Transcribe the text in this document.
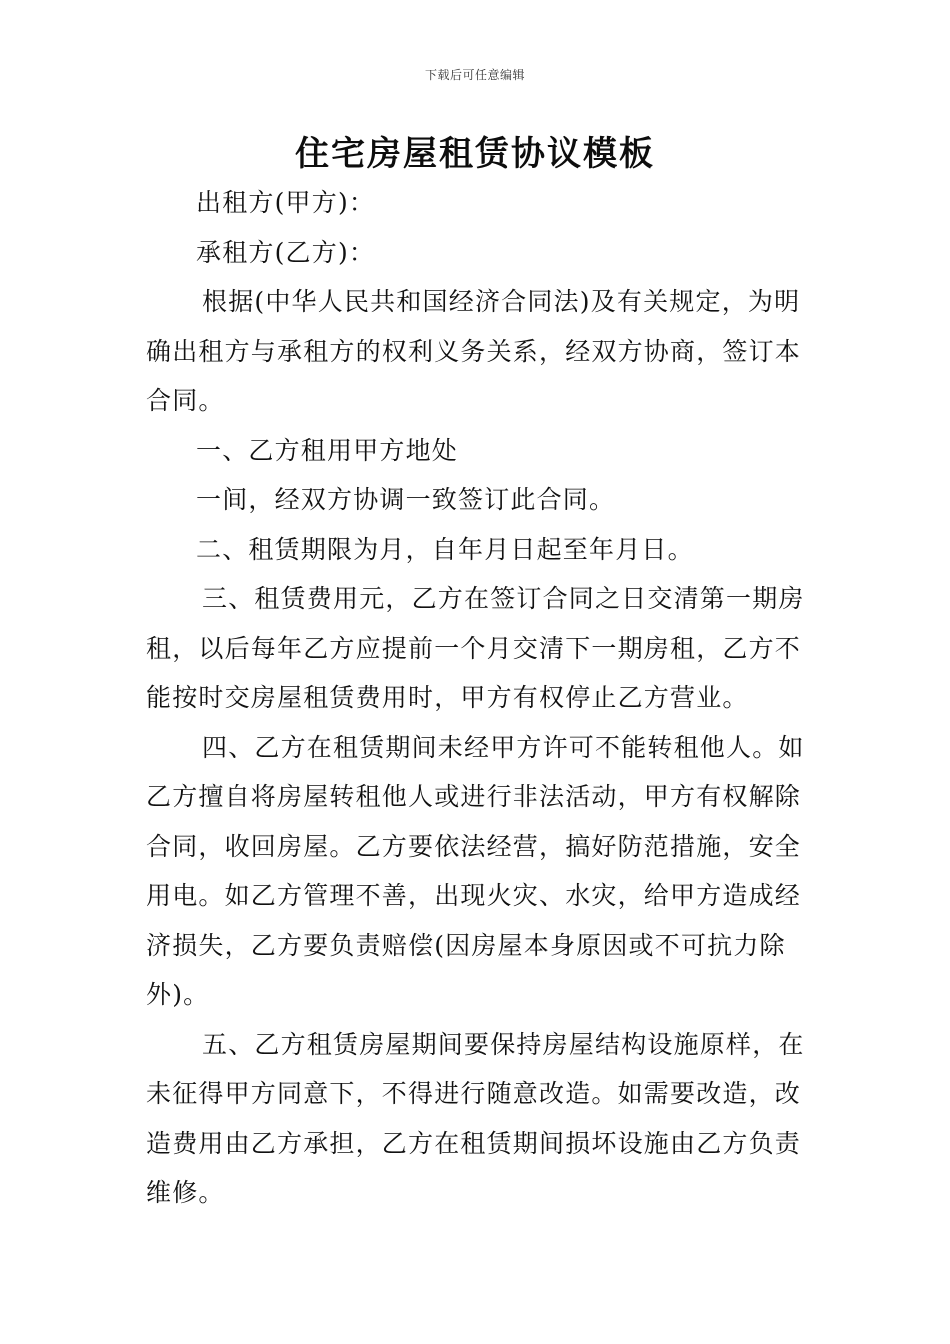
下载后可任意编辑
住宅房屋租赁协议模板

出租方(甲方)：

承租方(乙方)：

根据(中华人民共和国经济合同法)及有关规定，为明确出租方与承租方的权利义务关系，经双方协商，签订本合同。

一、乙方租用甲方地处

一间，经双方协调一致签订此合同。

二、租赁期限为月，自年月日起至年月日。

三、租赁费用元，乙方在签订合同之日交清第一期房租，以后每年乙方应提前一个月交清下一期房租，乙方不能按时交房屋租赁费用时，甲方有权停止乙方营业。

四、乙方在租赁期间未经甲方许可不能转租他人。如乙方擅自将房屋转租他人或进行非法活动，甲方有权解除合同，收回房屋。乙方要依法经营，搞好防范措施，安全用电。如乙方管理不善，出现火灾、水灾，给甲方造成经济损失，乙方要负责赔偿(因房屋本身原因或不可抗力除外)。

五、乙方租赁房屋期间要保持房屋结构设施原样，在未征得甲方同意下，不得进行随意改造。如需要改造，改造费用由乙方承担，乙方在租赁期间损坏设施由乙方负责维修。
